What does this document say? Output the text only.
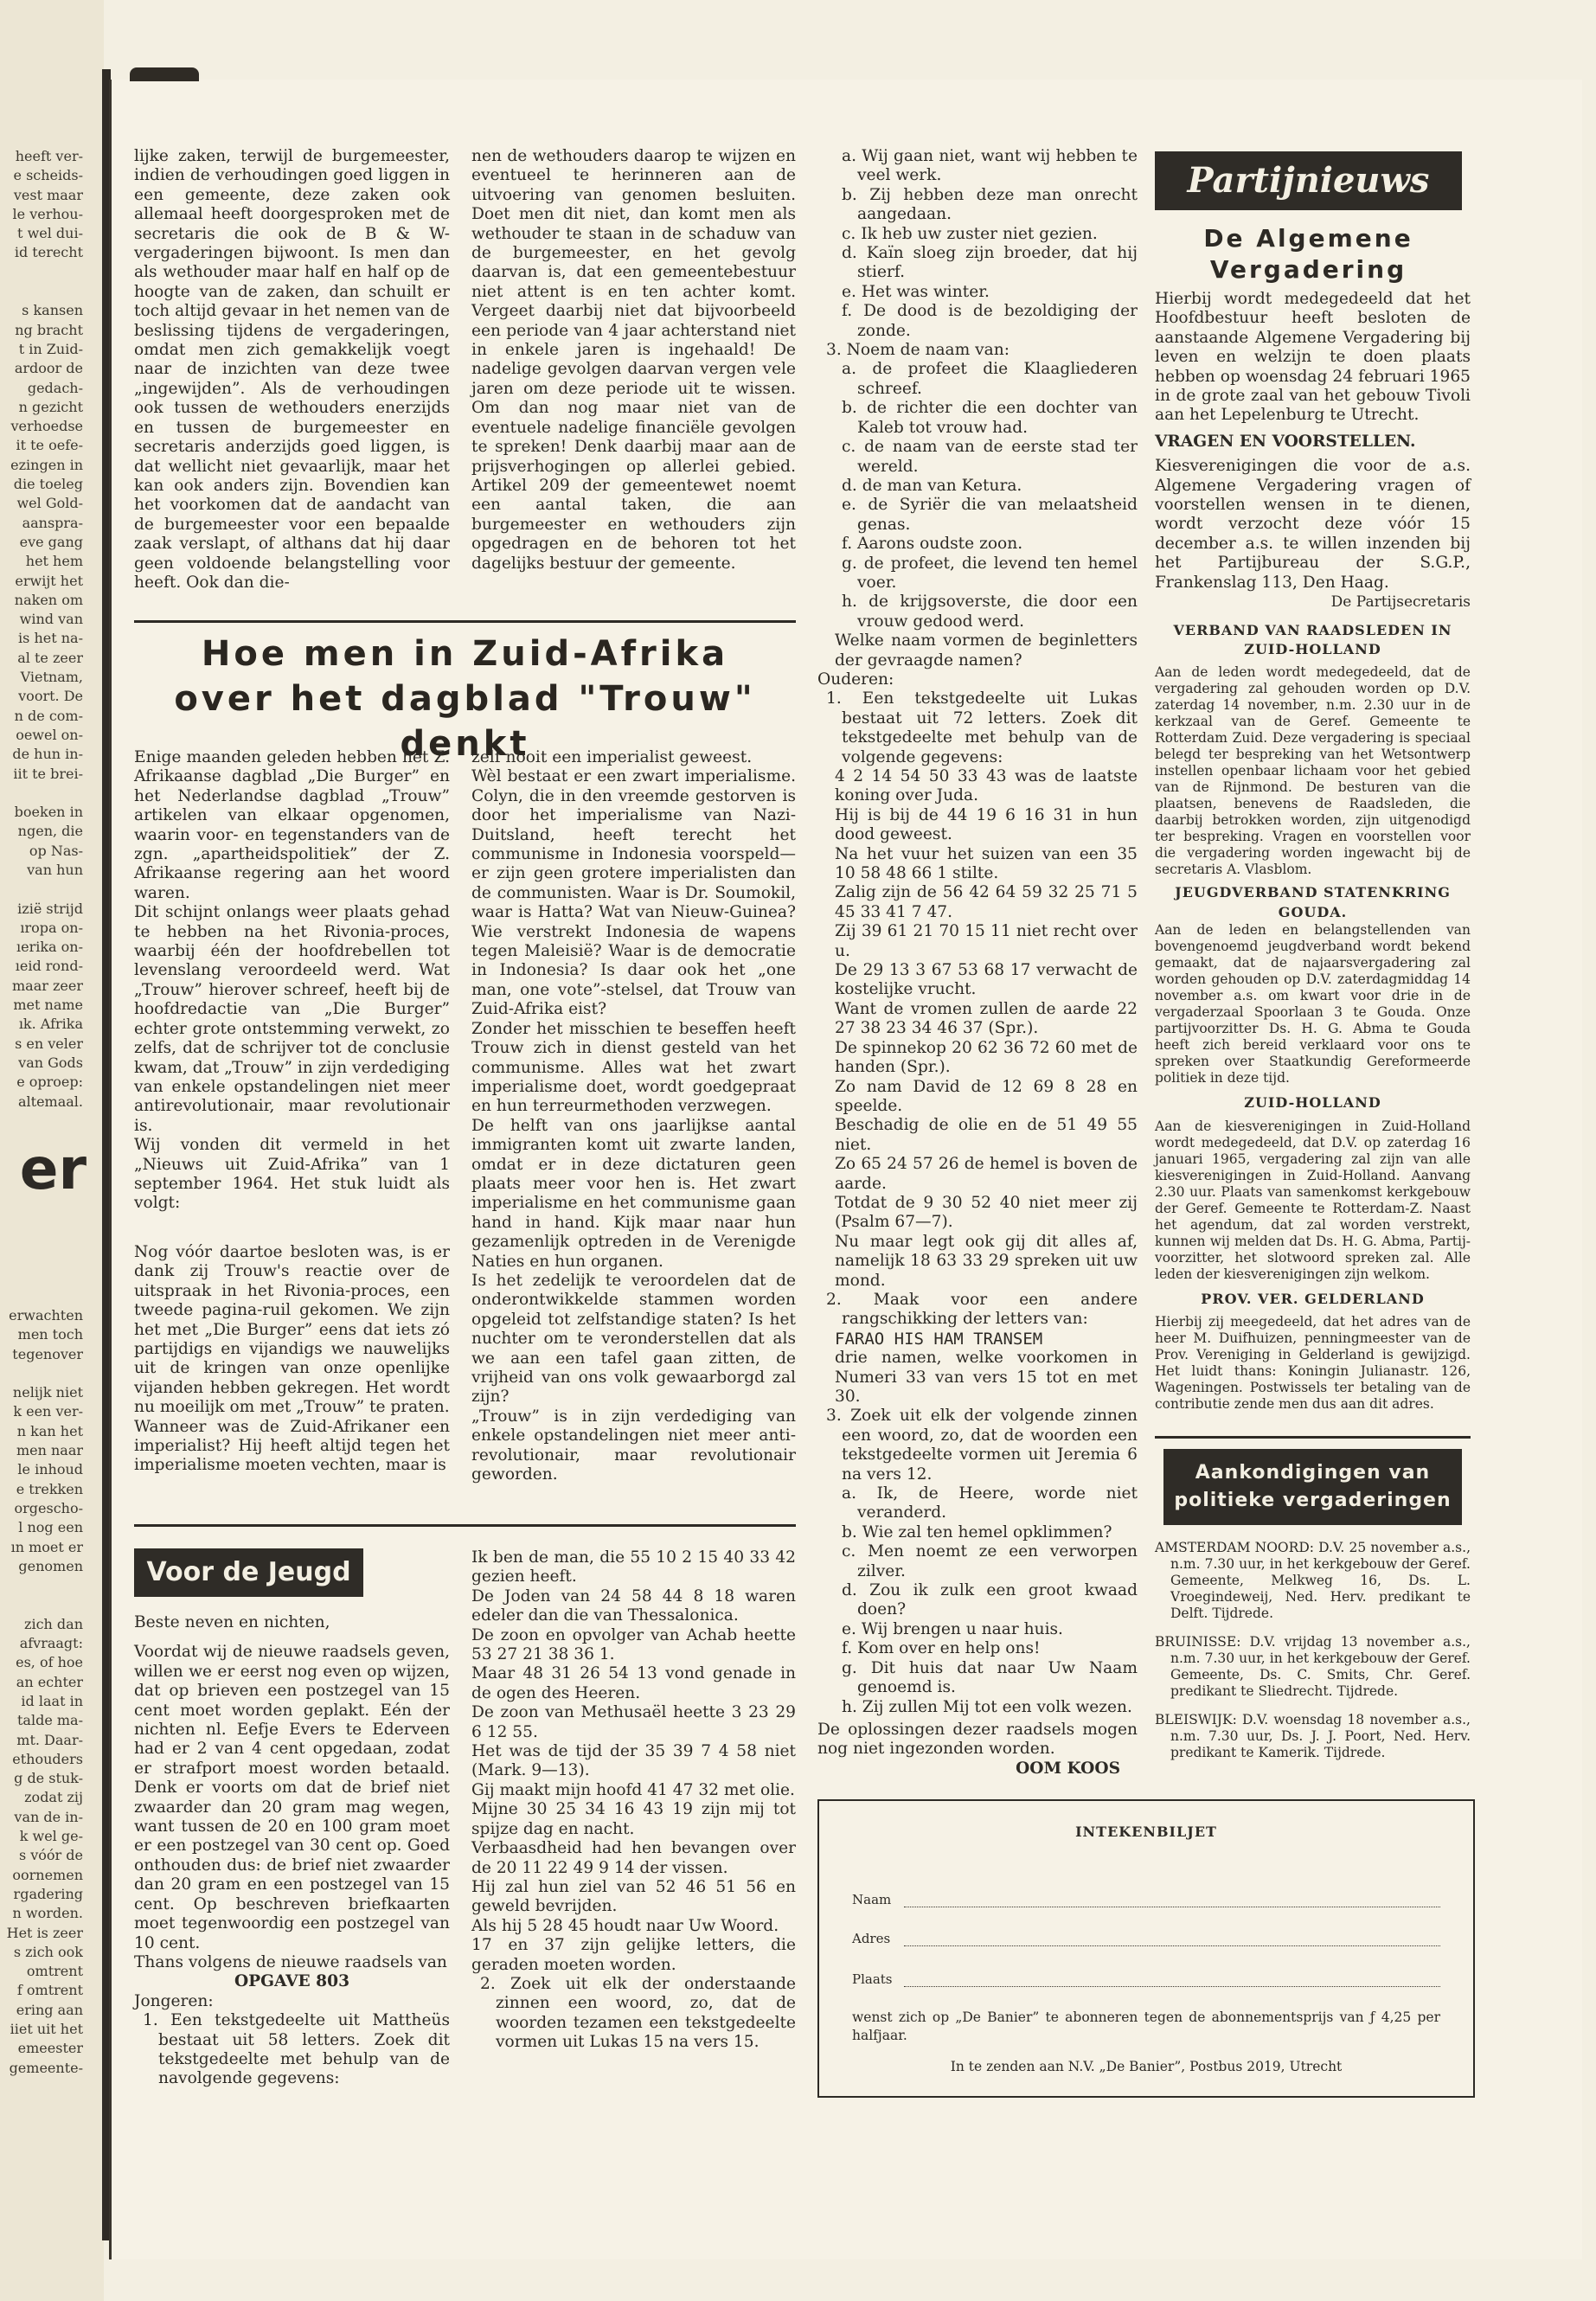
heeft ver-
e scheids-
vest maar
le verhou-
t wel dui-
id terecht
s kansen
ng bracht
t in Zuid-
ardoor de
gedach-
n gezicht
verhoedse
it te oefe-
ezingen in
die toeleg
wel Gold-
aanspra-
eve gang
het hem
erwijt het
naken om
wind van
is het na-
al te zeer
Vietnam,
voort. De
n de com-
oewel on-
de hun in-
iit te brei-
boeken in
ngen, die
op Nas-
van hun
izië strijd
ıropa on-
ıerika on-
ıeid rond-
maar zeer
met name
ık. Afrika
s en veler
van Gods
e oproep:
altemaal.
er
erwachten
men toch
tegenover
nelijk niet
k een ver-
n kan het
men naar
le inhoud
e trekken
orgescho-
l nog een
ın moet er
genomen
zich dan
afvraagt:
es, of hoe
an echter
id laat in
talde ma-
mt. Daar-
ethouders
g de stuk-
zodat zij
van de in-
k wel ge-
s vóór de
oornemen
rgadering
n worden.
Het is zeer
s zich ook
omtrent
f omtrent
ering aan
iiet uit het
emeester
gemeente-

lijke zaken, terwijl de burgemeester, indien de verhoudingen goed liggen in een gemeente, deze zaken ook allemaal heeft doorgesproken met de secretaris die ook de B & W-vergaderingen bijwoont. Is men dan als wethouder maar half en half op de hoogte van de zaken, dan schuilt er toch altijd gevaar in het nemen van de beslissing tijdens de vergaderingen, omdat men zich gemakkelijk voegt naar de inzichten van deze twee „ingewijden”. Als de verhoudingen ook tussen de wethouders enerzijds en tussen de burgemeester en secretaris anderzijds goed liggen, is dat wellicht niet gevaarlijk, maar het kan ook anders zijn. Bovendien kan het voorkomen dat de aandacht van de burgemeester voor een bepaalde zaak verslapt, of althans dat hij daar geen voldoende belangstelling voor heeft. Ook dan die-

nen de wethouders daarop te wijzen en eventueel te herinneren aan de uitvoering van genomen besluiten. Doet men dit niet, dan komt men als wethouder te staan in de schaduw van de burgemeester, en het gevolg daarvan is, dat een gemeentebestuur niet attent is en ten achter komt. Vergeet daarbij niet dat bijvoorbeeld een periode van 4 jaar achterstand niet in enkele jaren is ingehaald! De nadelige gevolgen daarvan vergen vele jaren om deze periode uit te wissen. Om dan nog maar niet van de eventuele nadelige financiële gevolgen te spreken! Denk daarbij maar aan de prijsverhogingen op allerlei gebied. Artikel 209 der gemeentewet noemt een aantal taken, die aan burgemeester en wethouders zijn opgedragen en de behoren tot het dagelijks bestuur der gemeente.

Hoe men in Zuid-Afrika
over het dagblad "Trouw" denkt
Enige maanden geleden hebben het Z. Afrikaanse dagblad „Die Burger” en het Nederlandse dagblad „Trouw” artikelen van elkaar opgenomen, waarin voor- en tegenstanders van de zgn. „apartheidspolitiek” der Z. Afrikaanse regering aan het woord waren.
Dit schijnt onlangs weer plaats gehad te hebben na het Rivonia-proces, waarbij één der hoofdrebellen tot levenslang veroordeeld werd. Wat „Trouw” hierover schreef, heeft bij de hoofdredactie van „Die Burger” echter grote ontstemming verwekt, zo zelfs, dat de schrijver tot de conclusie kwam, dat „Trouw” in zijn verdediging van enkele opstandelingen niet meer antirevolutionair, maar revolutionair is.
Wij vonden dit vermeld in het „Nieuws uit Zuid-Afrika” van 1 september 1964. Het stuk luidt als volgt:
Nog vóór daartoe besloten was, is er dank zij Trouw's reactie over de uitspraak in het Rivonia-proces, een tweede pagina-ruil gekomen. We zijn het met „Die Burger” eens dat iets zó partijdigs en vijandigs we nauwelijks uit de kringen van onze openlijke vijanden hebben gekregen. Het wordt nu moeilijk om met „Trouw” te praten.
Wanneer was de Zuid-Afrikaner een imperialist? Hij heeft altijd tegen het imperialisme moeten vechten, maar is
zelf nooit een imperialist geweest.
Wèl bestaat er een zwart imperialisme. Colyn, die in den vreemde gestorven is door het imperialisme van Nazi-Duitsland, heeft terecht het communisme in Indonesia voorspeld— er zijn geen grotere imperialisten dan de communisten. Waar is Dr. Soumokil, waar is Hatta? Wat van Nieuw-Guinea? Wie verstrekt Indonesia de wapens tegen Maleisië? Waar is de democratie in Indonesia? Is daar ook het „one man, one vote”-stelsel, dat Trouw van Zuid-Afrika eist?
Zonder het misschien te beseffen heeft Trouw zich in dienst gesteld van het communisme. Alles wat het zwart imperialisme doet, wordt goedgepraat en hun terreurmethoden verzwegen.
De helft van ons jaarlijkse aantal immigranten komt uit zwarte landen, omdat er in deze dictaturen geen plaats meer voor hen is. Het zwart imperialisme en het communisme gaan hand in hand. Kijk maar naar hun gezamenlijk optreden in de Verenigde Naties en hun organen.
Is het zedelijk te veroordelen dat de onderontwikkelde stammen worden opgeleid tot zelfstandige staten? Is het nuchter om te veronderstellen dat als we aan een tafel gaan zitten, de vrijheid van ons volk gewaarborgd zal zijn?
„Trouw” is in zijn verdediging van enkele opstandelingen niet meer anti-revolutionair, maar revolutionair geworden.
Voor de Jeugd

Beste neven en nichten,

Voordat wij de nieuwe raadsels geven, willen we er eerst nog even op wijzen, dat op brieven een postzegel van 15 cent moet worden geplakt. Eén der nichten nl. Eefje Evers te Ederveen had er 2 van 4 cent opgedaan, zodat er strafport moest worden betaald. Denk er voorts om dat de brief niet zwaarder dan 20 gram mag wegen, want tussen de 20 en 100 gram moet er een postzegel van 30 cent op. Goed onthouden dus: de brief niet zwaarder dan 20 gram en een postzegel van 15 cent. Op beschreven briefkaarten moet tegenwoordig een postzegel van 10 cent.
Thans volgens de nieuwe raadsels van

OPGAVE 803

Jongeren:

1. Een tekstgedeelte uit Mattheüs bestaat uit 58 letters. Zoek dit tekstgedeelte met behulp van de navolgende gegevens:

Ik ben de man, die 55 10 2 15 40 33 42 gezien heeft.
De Joden van 24 58 44 8 18 waren edeler dan die van Thessalonica.
De zoon en opvolger van Achab heette 53 27 21 38 36 1.
Maar 48 31 26 54 13 vond genade in de ogen des Heeren.
De zoon van Methusaël heette 3 23 29 6 12 55.
Het was de tijd der 35 39 7 4 58 niet (Mark. 9—13).
Gij maakt mijn hoofd 41 47 32 met olie.
Mijne 30 25 34 16 43 19 zijn mij tot spijze dag en nacht.
Verbaasdheid had hen bevangen over de 20 11 22 49 9 14 der vissen.
Hij zal hun ziel van 52 46 51 56 en geweld bevrijden.
Als hij 5 28 45 houdt naar Uw Woord.
17 en 37 zijn gelijke letters, die geraden moeten worden.

2. Zoek uit elk der onderstaande zinnen een woord, zo, dat de woorden tezamen een tekstgedeelte vormen uit Lukas 15 na vers 15.

a. Wij gaan niet, want wij hebben te veel werk.

b. Zij hebben deze man onrecht aangedaan.

c. Ik heb uw zuster niet gezien.

d. Kaïn sloeg zijn broeder, dat hij stierf.

e. Het was winter.

f. De dood is de bezoldiging der zonde.

3. Noem de naam van:

a. de profeet die Klaagliederen schreef.

b. de richter die een dochter van Kaleb tot vrouw had.

c. de naam van de eerste stad ter wereld.

d. de man van Ketura.

e. de Syriër die van melaatsheid genas.

f. Aarons oudste zoon.

g. de profeet, die levend ten hemel voer.

h. de krijgsoverste, die door een vrouw gedood werd.

Welke naam vormen de beginletters der gevraagde namen?

Ouderen:

1. Een tekstgedeelte uit Lukas bestaat uit 72 letters. Zoek dit tekstgedeelte met behulp van de volgende gegevens:

4 2 14 54 50 33 43 was de laatste koning over Juda.
Hij is bij de 44 19 6 16 31 in hun dood geweest.
Na het vuur het suizen van een 35 10 58 48 66 1 stilte.
Zalig zijn de 56 42 64 59 32 25 71 5 45 33 41 7 47.
Zij 39 61 21 70 15 11 niet recht over u.
De 29 13 3 67 53 68 17 verwacht de kostelijke vrucht.
Want de vromen zullen de aarde 22 27 38 23 34 46 37 (Spr.).
De spinnekop 20 62 36 72 60 met de handen (Spr.).
Zo nam David de 12 69 8 28 en speelde.
Beschadig de olie en de 51 49 55 niet.
Zo 65 24 57 26 de hemel is boven de aarde.
Totdat de 9 30 52 40 niet meer zij (Psalm 67—7).
Nu maar legt ook gij dit alles af, namelijk 18 63 33 29 spreken uit uw mond.

2. Maak voor een andere rangschikking der letters van:

FARAO HIS HAM TRANSEM

drie namen, welke voorkomen in Numeri 33 van vers 15 tot en met 30.

3. Zoek uit elk der volgende zinnen een woord, zo, dat de woorden een tekstgedeelte vormen uit Jeremia 6 na vers 12.

a. Ik, de Heere, worde niet veranderd.

b. Wie zal ten hemel opklimmen?

c. Men noemt ze een verworpen zilver.

d. Zou ik zulk een groot kwaad doen?

e. Wij brengen u naar huis.

f. Kom over en help ons!

g. Dit huis dat naar Uw Naam genoemd is.

h. Zij zullen Mij tot een volk wezen.

De oplossingen dezer raadsels mogen nog niet ingezonden worden.

OOM KOOS

Partijnieuws
De Algemene
Vergadering

Hierbij wordt medegedeeld dat het Hoofdbestuur heeft besloten de aanstaande Algemene Vergadering bij leven en welzijn te doen plaats hebben op woensdag 24 februari 1965 in de grote zaal van het gebouw Tivoli aan het Lepelenburg te Utrecht.

VRAGEN EN VOORSTELLEN.

Kiesverenigingen die voor de a.s. Algemene Vergadering vragen of voorstellen wensen in te dienen, wordt verzocht deze vóór 15 december a.s. te willen inzenden bij het Partijbureau der S.G.P., Frankenslag 113, Den Haag.

De Partijsecretaris

VERBAND VAN RAADSLEDEN IN ZUID-HOLLAND

Aan de leden wordt medegedeeld, dat de vergadering zal gehouden worden op D.V. zaterdag 14 november, n.m. 2.30 uur in de kerkzaal van de Geref. Gemeente te Rotterdam Zuid. Deze vergadering is speciaal belegd ter bespreking van het Wetsontwerp instellen openbaar lichaam voor het gebied van de Rijnmond. De besturen van die plaatsen, benevens de Raadsleden, die daarbij betrokken worden, zijn uitgenodigd ter bespreking. Vragen en voorstellen voor die vergadering worden ingewacht bij de secretaris A. Vlasblom.

JEUGDVERBAND STATENKRING GOUDA.

Aan de leden en belangstellenden van bovengenoemd jeugdverband wordt bekend gemaakt, dat de najaarsvergadering zal worden gehouden op D.V. zaterdagmiddag 14 november a.s. om kwart voor drie in de vergaderzaal Spoorlaan 3 te Gouda. Onze partijvoorzitter Ds. H. G. Abma te Gouda heeft zich bereid verklaard voor ons te spreken over Staatkundig Gereformeerde politiek in deze tijd.

ZUID-HOLLAND

Aan de kiesverenigingen in Zuid-Holland wordt medegedeeld, dat D.V. op zaterdag 16 januari 1965, vergadering zal zijn van alle kiesverenigingen in Zuid-Holland. Aanvang 2.30 uur. Plaats van samenkomst kerkgebouw der Geref. Gemeente te Rotterdam-Z. Naast het agendum, dat zal worden verstrekt, kunnen wij melden dat Ds. H. G. Abma, Partij-voorzitter, het slotwoord spreken zal. Alle leden der kiesverenigingen zijn welkom.

PROV. VER. GELDERLAND

Hierbij zij meegedeeld, dat het adres van de heer M. Duifhuizen, penningmeester van de Prov. Vereniging in Gelderland is gewijzigd. Het luidt thans: Koningin Julianastr. 126, Wageningen. Postwissels ter betaling van de contributie zende men dus aan dit adres.

Aankondigingen van
politieke vergaderingen

AMSTERDAM NOORD: D.V. 25 november a.s., n.m. 7.30 uur, in het kerkgebouw der Geref. Gemeente, Melkweg 16, Ds. L. Vroegindeweij, Ned. Herv. predikant te Delft. Tijdrede.

BRUINISSE: D.V. vrijdag 13 november a.s., n.m. 7.30 uur, in het kerkgebouw der Geref. Gemeente, Ds. C. Smits, Chr. Geref. predikant te Sliedrecht. Tijdrede.

BLEISWIJK: D.V. woensdag 18 november a.s., n.m. 7.30 uur, Ds. J. J. Poort, Ned. Herv. predikant te Kamerik. Tijdrede.

INTEKENBILJET
Naam
Adres
Plaats
wenst zich op „De Banier” te abonneren tegen de abonnementsprijs van ƒ 4,25 per halfjaar.
In te zenden aan N.V. „De Banier”, Postbus 2019, Utrecht
